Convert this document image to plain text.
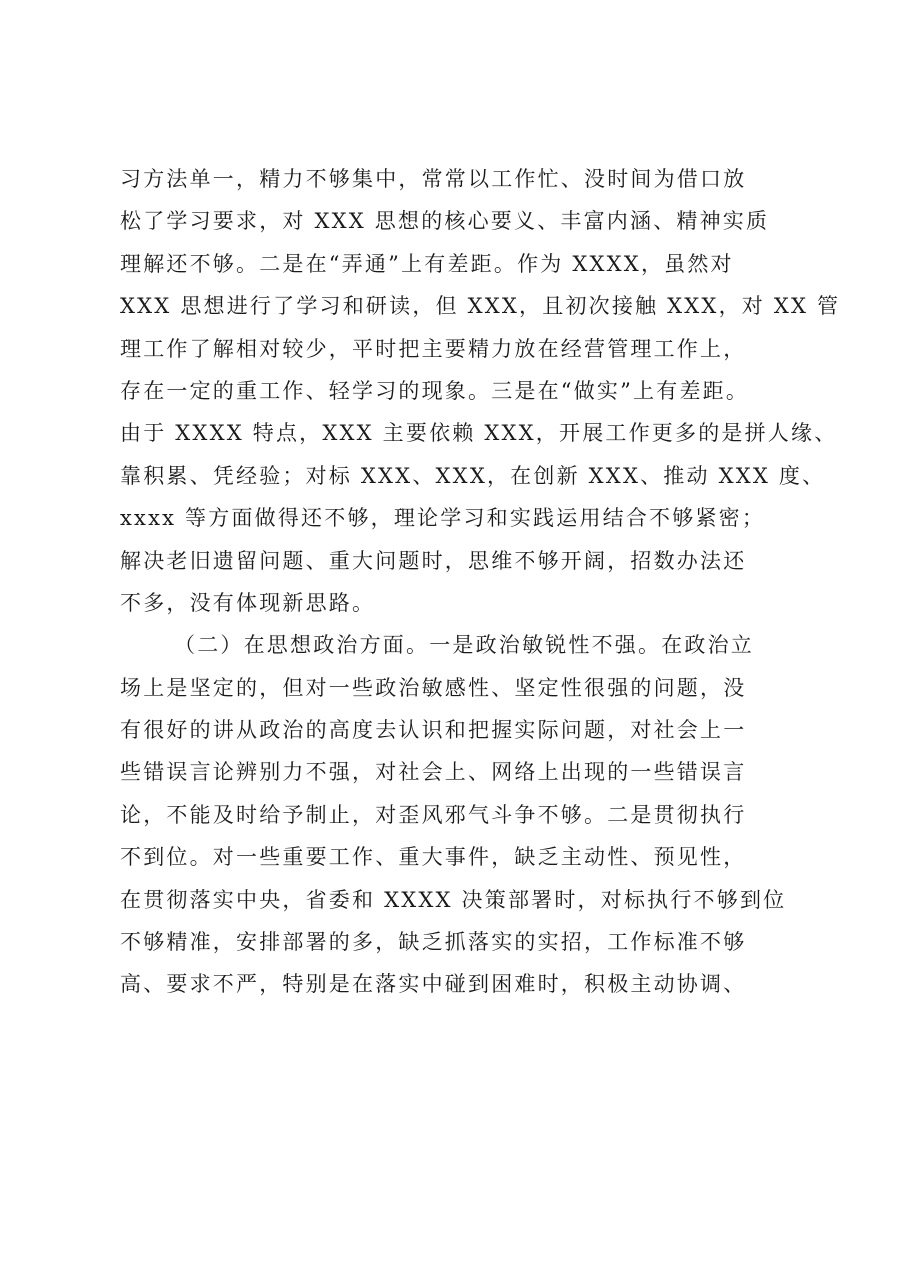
习方法单一，精力不够集中，常常以工作忙、没时间为借口放
松了学习要求，对 XXX 思想的核心要义、丰富内涵、精神实质
理解还不够。二是在“弄通”上有差距。作为 XXXX，虽然对
XXX 思想进行了学习和研读，但 XXX，且初次接触 XXX，对 XX 管
理工作了解相对较少，平时把主要精力放在经营管理工作上，
存在一定的重工作、轻学习的现象。三是在“做实”上有差距。
由于 XXXX 特点，XXX 主要依赖 XXX，开展工作更多的是拼人缘、
靠积累、凭经验；对标 XXX、XXX，在创新 XXX、推动 XXX 度、
xxxx 等方面做得还不够，理论学习和实践运用结合不够紧密；
解决老旧遗留问题、重大问题时，思维不够开阔，招数办法还
不多，没有体现新思路。
（二）在思想政治方面。一是政治敏锐性不强。在政治立
场上是坚定的，但对一些政治敏感性、坚定性很强的问题，没
有很好的讲从政治的高度去认识和把握实际问题，对社会上一
些错误言论辨别力不强，对社会上、网络上出现的一些错误言
论，不能及时给予制止，对歪风邪气斗争不够。二是贯彻执行
不到位。对一些重要工作、重大事件，缺乏主动性、预见性，
在贯彻落实中央，省委和 XXXX 决策部署时，对标执行不够到位
不够精准，安排部署的多，缺乏抓落实的实招，工作标准不够
高、要求不严，特别是在落实中碰到困难时，积极主动协调、
